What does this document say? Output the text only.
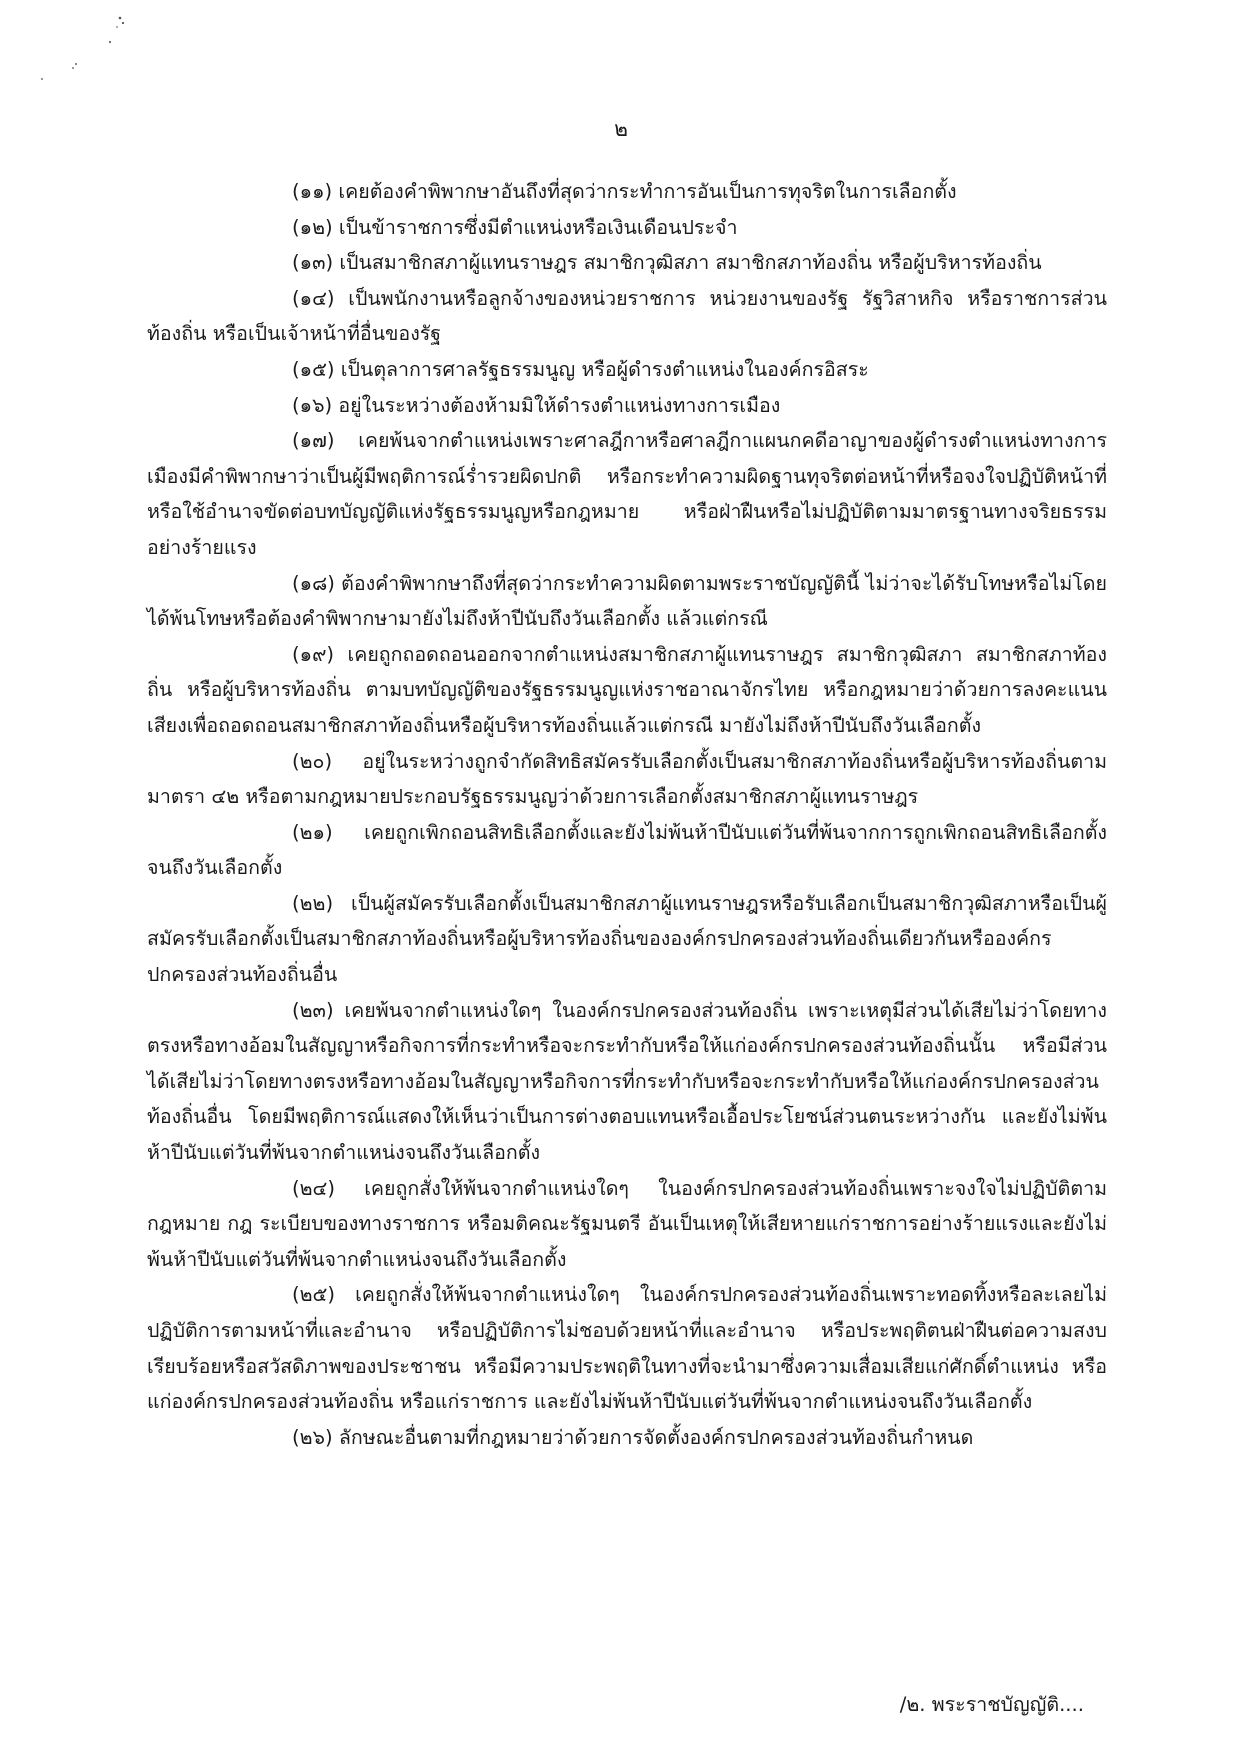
๒

(๑๑) เคยต้องคำพิพากษาอันถึงที่สุดว่ากระทำการอันเป็นการทุจริตในการเลือกตั้ง

(๑๒) เป็นข้าราชการซึ่งมีตำแหน่งหรือเงินเดือนประจำ

(๑๓) เป็นสมาชิกสภาผู้แทนราษฎร สมาชิกวุฒิสภา สมาชิกสภาท้องถิ่น หรือผู้บริหารท้องถิ่น

(๑๔) เป็นพนักงานหรือลูกจ้างของหน่วยราชการ หน่วยงานของรัฐ รัฐวิสาหกิจ หรือราชการส่วนท้องถิ่น หรือเป็นเจ้าหน้าที่อื่นของรัฐ

(๑๕) เป็นตุลาการศาลรัฐธรรมนูญ หรือผู้ดำรงตำแหน่งในองค์กรอิสระ

(๑๖) อยู่ในระหว่างต้องห้ามมิให้ดำรงตำแหน่งทางการเมือง

(๑๗) เคยพ้นจากตำแหน่งเพราะศาลฎีกาหรือศาลฎีกาแผนกคดีอาญาของผู้ดำรงตำแหน่งทางการเมืองมีคำพิพากษาว่าเป็นผู้มีพฤติการณ์ร่ำรวยผิดปกติ หรือกระทำความผิดฐานทุจริตต่อหน้าที่หรือจงใจปฏิบัติหน้าที่หรือใช้อำนาจขัดต่อบทบัญญัติแห่งรัฐธรรมนูญหรือกฎหมาย หรือฝ่าฝืนหรือไม่ปฏิบัติตามมาตรฐานทางจริยธรรมอย่างร้ายแรง

(๑๘) ต้องคำพิพากษาถึงที่สุดว่ากระทำความผิดตามพระราชบัญญัตินี้ ไม่ว่าจะได้รับโทษหรือไม่โดยได้พ้นโทษหรือต้องคำพิพากษามายังไม่ถึงห้าปีนับถึงวันเลือกตั้ง แล้วแต่กรณี

(๑๙) เคยถูกถอดถอนออกจากตำแหน่งสมาชิกสภาผู้แทนราษฎร สมาชิกวุฒิสภา สมาชิกสภาท้องถิ่น หรือผู้บริหารท้องถิ่น ตามบทบัญญัติของรัฐธรรมนูญแห่งราชอาณาจักรไทย หรือกฎหมายว่าด้วยการลงคะแนนเสียงเพื่อถอดถอนสมาชิกสภาท้องถิ่นหรือผู้บริหารท้องถิ่นแล้วแต่กรณี มายังไม่ถึงห้าปีนับถึงวันเลือกตั้ง

(๒๐) อยู่ในระหว่างถูกจำกัดสิทธิสมัครรับเลือกตั้งเป็นสมาชิกสภาท้องถิ่นหรือผู้บริหารท้องถิ่นตามมาตรา ๔๒ หรือตามกฎหมายประกอบรัฐธรรมนูญว่าด้วยการเลือกตั้งสมาชิกสภาผู้แทนราษฎร

(๒๑) เคยถูกเพิกถอนสิทธิเลือกตั้งและยังไม่พ้นห้าปีนับแต่วันที่พ้นจากการถูกเพิกถอนสิทธิเลือกตั้งจนถึงวันเลือกตั้ง

(๒๒) เป็นผู้สมัครรับเลือกตั้งเป็นสมาชิกสภาผู้แทนราษฎรหรือรับเลือกเป็นสมาชิกวุฒิสภาหรือเป็นผู้สมัครรับเลือกตั้งเป็นสมาชิกสภาท้องถิ่นหรือผู้บริหารท้องถิ่นขององค์กรปกครองส่วนท้องถิ่นเดียวกันหรือองค์กรปกครองส่วนท้องถิ่นอื่น

(๒๓) เคยพ้นจากตำแหน่งใดๆ ในองค์กรปกครองส่วนท้องถิ่น เพราะเหตุมีส่วนได้เสียไม่ว่าโดยทางตรงหรือทางอ้อมในสัญญาหรือกิจการที่กระทำหรือจะกระทำกับหรือให้แก่องค์กรปกครองส่วนท้องถิ่นนั้น หรือมีส่วนได้เสียไม่ว่าโดยทางตรงหรือทางอ้อมในสัญญาหรือกิจการที่กระทำกับหรือจะกระทำกับหรือให้แก่องค์กรปกครองส่วนท้องถิ่นอื่น โดยมีพฤติการณ์แสดงให้เห็นว่าเป็นการต่างตอบแทนหรือเอื้อประโยชน์ส่วนตนระหว่างกัน และยังไม่พ้นห้าปีนับแต่วันที่พ้นจากตำแหน่งจนถึงวันเลือกตั้ง

(๒๔) เคยถูกสั่งให้พ้นจากตำแหน่งใดๆ ในองค์กรปกครองส่วนท้องถิ่นเพราะจงใจไม่ปฏิบัติตามกฎหมาย กฎ ระเบียบของทางราชการ หรือมติคณะรัฐมนตรี อันเป็นเหตุให้เสียหายแก่ราชการอย่างร้ายแรงและยังไม่พ้นห้าปีนับแต่วันที่พ้นจากตำแหน่งจนถึงวันเลือกตั้ง

(๒๕) เคยถูกสั่งให้พ้นจากตำแหน่งใดๆ ในองค์กรปกครองส่วนท้องถิ่นเพราะทอดทิ้งหรือละเลยไม่ปฏิบัติการตามหน้าที่และอำนาจ หรือปฏิบัติการไม่ชอบด้วยหน้าที่และอำนาจ หรือประพฤติตนฝ่าฝืนต่อความสงบเรียบร้อยหรือสวัสดิภาพของประชาชน หรือมีความประพฤติในทางที่จะนำมาซึ่งความเสื่อมเสียแก่ศักดิ์ตำแหน่ง หรือแก่องค์กรปกครองส่วนท้องถิ่น หรือแก่ราชการ และยังไม่พ้นห้าปีนับแต่วันที่พ้นจากตำแหน่งจนถึงวันเลือกตั้ง

(๒๖) ลักษณะอื่นตามที่กฎหมายว่าด้วยการจัดตั้งองค์กรปกครองส่วนท้องถิ่นกำหนด

/๒. พระราชบัญญัติ....
